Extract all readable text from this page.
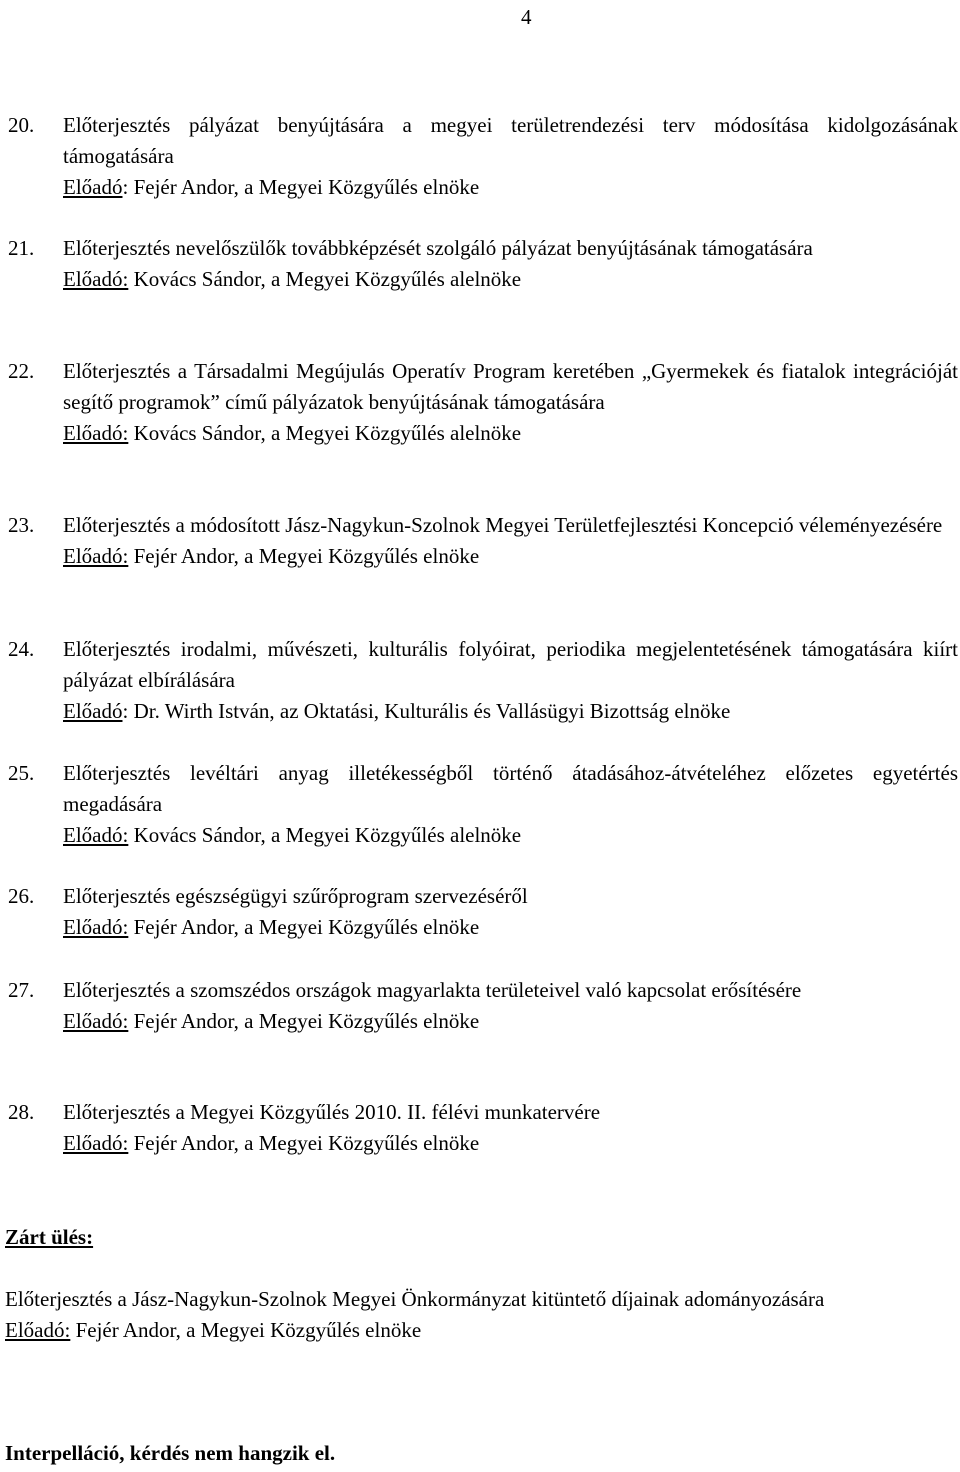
4
20.	Előterjesztés pályázat benyújtására a megyei területrendezési terv módosítása kidolgozásának támogatására
Előadó: Fejér Andor, a Megyei Közgyűlés elnöke
21.	Előterjesztés nevelőszülők továbbképzését szolgáló pályázat benyújtásának támogatására
Előadó: Kovács Sándor, a Megyei Közgyűlés alelnöke
22.	Előterjesztés a Társadalmi Megújulás Operatív Program keretében „Gyermekek és fiatalok integrációját segítő programok” című pályázatok benyújtásának támogatására
Előadó: Kovács Sándor, a Megyei Közgyűlés alelnöke
23.	Előterjesztés a módosított Jász-Nagykun-Szolnok Megyei Területfejlesztési Koncepció véleményezésére
Előadó: Fejér Andor, a Megyei Közgyűlés elnöke
24.	Előterjesztés irodalmi, művészeti, kulturális folyóirat, periodika megjelentetésének támogatására kiírt pályázat elbírálására
Előadó: Dr. Wirth István, az Oktatási, Kulturális és Vallásügyi Bizottság elnöke
25.	Előterjesztés levéltári anyag illetékességből történő átadásához-átvételéhez előzetes egyetértés megadására
Előadó: Kovács Sándor, a Megyei Közgyűlés alelnöke
26.	Előterjesztés egészségügyi szűrőprogram szervezéséről
Előadó: Fejér Andor, a Megyei Közgyűlés elnöke
27.	Előterjesztés a szomszédos országok magyarlakta területeivel való kapcsolat erősítésére
Előadó: Fejér Andor, a Megyei Közgyűlés elnöke
28.	Előterjesztés a Megyei Közgyűlés 2010. II. félévi munkatervére
Előadó: Fejér Andor, a Megyei Közgyűlés elnöke
Zárt ülés:
Előterjesztés a Jász-Nagykun-Szolnok Megyei Önkormányzat kitüntető díjainak adományozására
Előadó: Fejér Andor, a Megyei Közgyűlés elnöke
Interpelláció, kérdés nem hangzik el.
